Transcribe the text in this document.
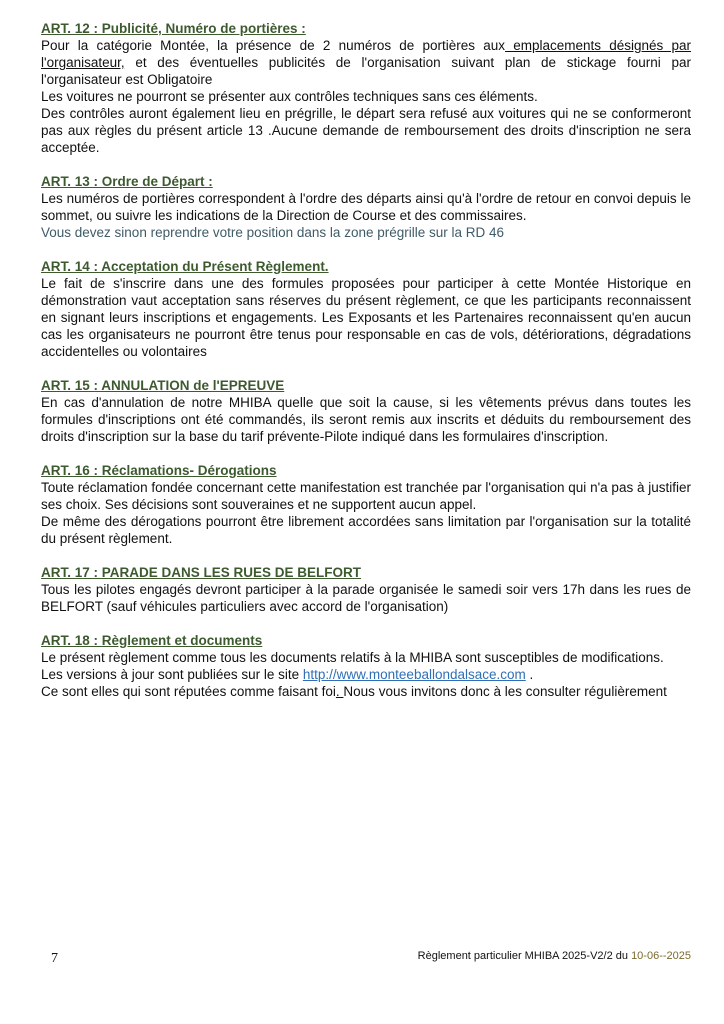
ART. 12 : Publicité, Numéro de portières :
Pour la catégorie Montée, la présence de 2 numéros de portières aux emplacements désignés par l'organisateur, et des éventuelles publicités de l'organisation suivant plan de stickage fourni par l'organisateur est Obligatoire
Les voitures ne pourront se présenter aux contrôles techniques sans ces éléments.
Des contrôles auront également lieu en prégrille, le départ sera refusé aux voitures qui ne se conformeront pas aux règles du présent article 13 .Aucune demande de remboursement des droits d'inscription ne sera acceptée.
ART. 13 : Ordre de Départ :
Les numéros de portières correspondent à l'ordre des départs ainsi qu'à l'ordre de retour en convoi depuis le sommet, ou suivre les indications de la Direction de Course et des commissaires.
Vous devez sinon reprendre votre position dans la zone prégrille sur la RD 46
ART. 14 : Acceptation du Présent Règlement.
Le fait de s'inscrire dans une des formules proposées pour participer à cette Montée Historique en démonstration vaut acceptation sans réserves du présent règlement, ce que les participants reconnaissent en signant leurs inscriptions et engagements. Les Exposants et les Partenaires reconnaissent qu'en aucun cas les organisateurs ne pourront être tenus pour responsable en cas de vols, détériorations, dégradations accidentelles ou volontaires
ART. 15 : ANNULATION de l'EPREUVE
En cas d'annulation de notre MHIBA quelle que soit la cause, si les vêtements prévus dans toutes les formules d'inscriptions ont été commandés, ils seront remis aux inscrits et déduits du remboursement des droits d'inscription sur la base du tarif prévente-Pilote indiqué dans les formulaires d'inscription.
ART. 16 : Réclamations- Dérogations
Toute réclamation fondée concernant cette manifestation est tranchée par l'organisation qui n'a pas à justifier ses choix. Ses décisions sont souveraines et ne supportent aucun appel.
De même des dérogations pourront être librement accordées sans limitation par l'organisation sur la totalité du présent règlement.
ART. 17 : PARADE DANS LES RUES DE BELFORT
Tous les pilotes engagés devront participer à la parade organisée le samedi soir vers 17h dans les rues de BELFORT (sauf véhicules particuliers avec accord de l'organisation)
ART. 18 : Règlement et documents
Le présent règlement comme tous les documents relatifs à la MHIBA sont susceptibles de modifications.
Les versions à jour sont publiées sur le site http://www.monteeballondalsace.com .
Ce sont elles qui sont réputées comme faisant foi. Nous vous invitons donc à les consulter régulièrement
7	Règlement particulier MHIBA 2025-V2/2 du 10-06--2025
